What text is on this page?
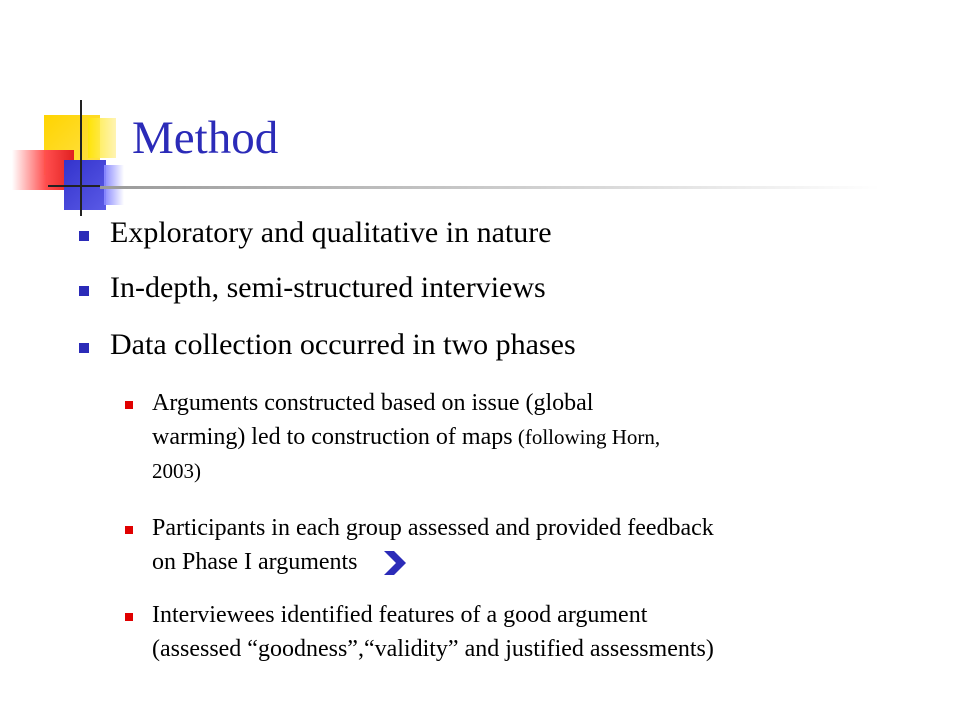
Method
Exploratory and qualitative in nature
In-depth, semi-structured interviews
Data collection occurred in two phases
Arguments constructed based on issue (global
warming) led to construction of maps (following Horn,
2003)
Participants in each group assessed and provided feedback
on Phase I arguments
Interviewees identified features of a good argument
(assessed “goodness”,“validity” and justified assessments)
